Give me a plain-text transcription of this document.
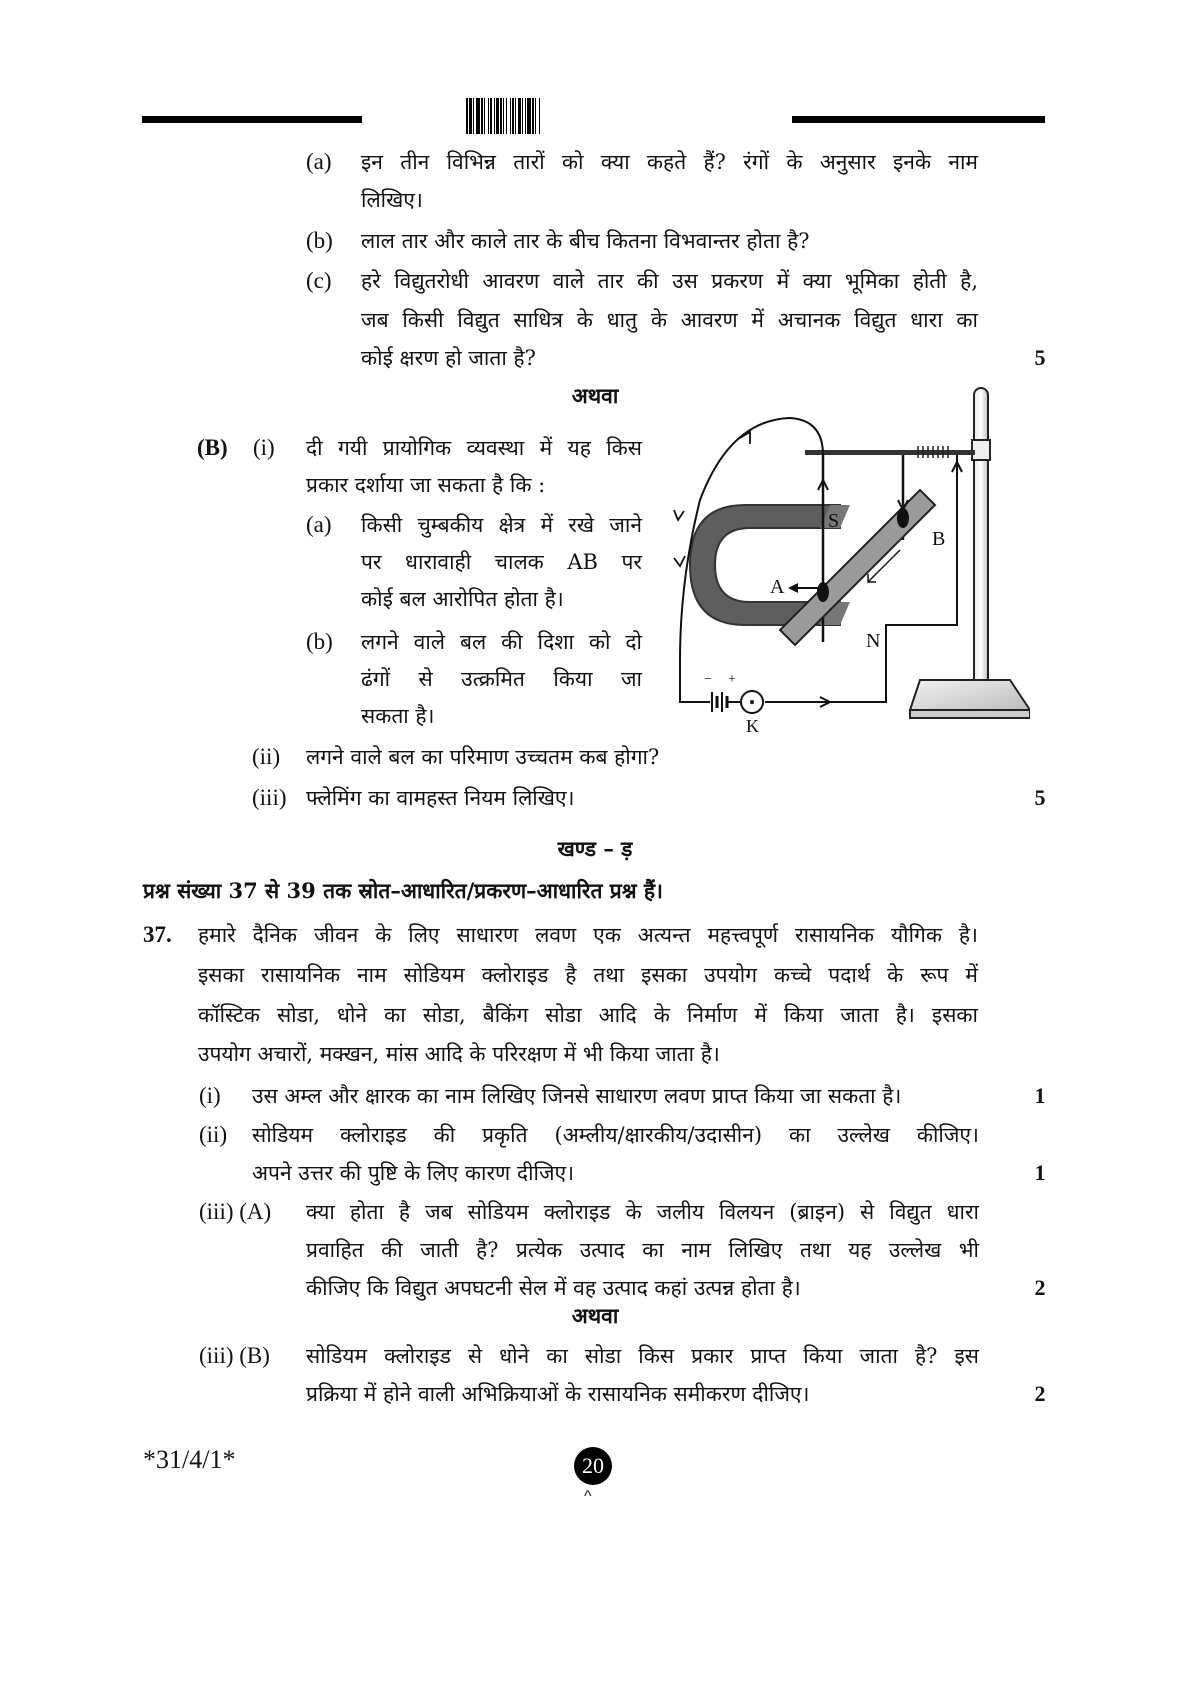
(a) इन तीन विभिन्न तारों को क्या कहते हैं? रंगों के अनुसार इनके नाम
लिखिए।
(b) लाल तार और काले तार के बीच कितना विभवान्तर होता है?
(c) हरे विद्युतरोधी आवरण वाले तार की उस प्रकरण में क्या भूमिका होती है,
जब किसी विद्युत साधित्र के धातु के आवरण में अचानक विद्युत धारा का
कोई क्षरण हो जाता है?	5
अथवा
(B) (i) दी गयी प्रायोगिक व्यवस्था में यह किस
प्रकार दर्शाया जा सकता है कि :
(a) किसी चुम्बकीय क्षेत्र में रखे जाने
पर धारावाही चालक AB पर
कोई बल आरोपित होता है।
(b) लगने वाले बल की दिशा को दो
ढंगों से उत्क्रमित किया जा
सकता है।
(ii) लगने वाले बल का परिमाण उच्चतम कब होगा?
(iii) फ्लेमिंग का वामहस्त नियम लिखिए।	5
S
B
A
N
K
− +
खण्ड – ड़
प्रश्न संख्या 37 से 39 तक स्रोत–आधारित/प्रकरण–आधारित प्रश्न हैं।
37. हमारे दैनिक जीवन के लिए साधारण लवण एक अत्यन्त महत्त्वपूर्ण रासायनिक यौगिक है।
इसका रासायनिक नाम सोडियम क्लोराइड है तथा इसका उपयोग कच्चे पदार्थ के रूप में
कॉस्टिक सोडा, धोने का सोडा, बैकिंग सोडा आदि के निर्माण में किया जाता है। इसका
उपयोग अचारों, मक्खन, मांस आदि के परिरक्षण में भी किया जाता है।
(i) उस अम्ल और क्षारक का नाम लिखिए जिनसे साधारण लवण प्राप्त किया जा सकता है।	1
(ii) सोडियम क्लोराइड की प्रकृति (अम्लीय/क्षारकीय/उदासीन) का उल्लेख कीजिए।
अपने उत्तर की पुष्टि के लिए कारण दीजिए।	1
(iii) (A) क्या होता है जब सोडियम क्लोराइड के जलीय विलयन (ब्राइन) से विद्युत धारा
प्रवाहित की जाती है? प्रत्येक उत्पाद का नाम लिखिए तथा यह उल्लेख भी
कीजिए कि विद्युत अपघटनी सेल में वह उत्पाद कहां उत्पन्न होता है।	2
अथवा
(iii) (B) सोडियम क्लोराइड से धोने का सोडा किस प्रकार प्राप्त किया जाता है? इस
प्रक्रिया में होने वाली अभिक्रियाओं के रासायनिक समीकरण दीजिए।	2
*31/4/1*	20
^
